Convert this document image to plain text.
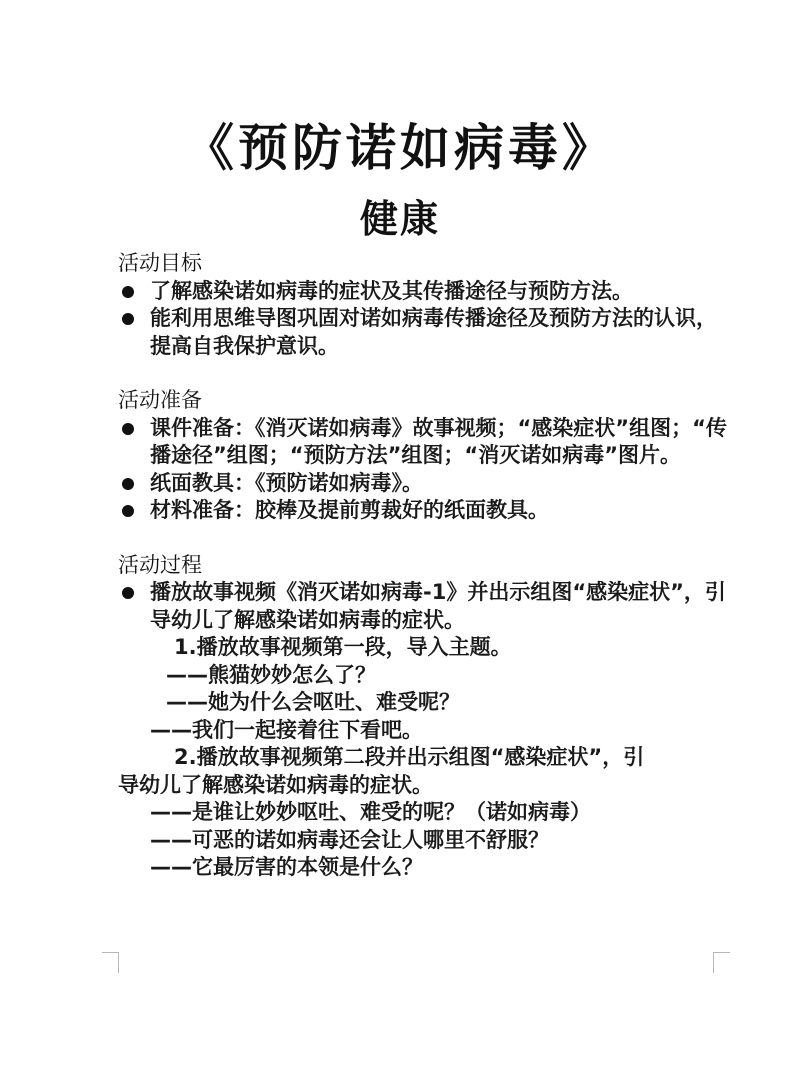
《预防诺如病毒》
健康
活动目标
了解感染诺如病毒的症状及其传播途径与预防方法。
能利用思维导图巩固对诺如病毒传播途径及预防方法的认识，提高自我保护意识。
活动准备
课件准备：《消灭诺如病毒》故事视频；“感染症状”组图；“传播途径”组图；“预防方法”组图；“消灭诺如病毒”图片。
纸面教具：《预防诺如病毒》。
材料准备：胶棒及提前剪裁好的纸面教具。
活动过程
播放故事视频《消灭诺如病毒-1》并出示组图“感染症状”，引导幼儿了解感染诺如病毒的症状。
1.播放故事视频第一段，导入主题。
——熊猫妙妙怎么了？
——她为什么会呕吐、难受呢？
——我们一起接着往下看吧。
2.播放故事视频第二段并出示组图“感染症状”，引
导幼儿了解感染诺如病毒的症状。
——是谁让妙妙呕吐、难受的呢？（诺如病毒）
——可恶的诺如病毒还会让人哪里不舒服？
——它最厉害的本领是什么？
